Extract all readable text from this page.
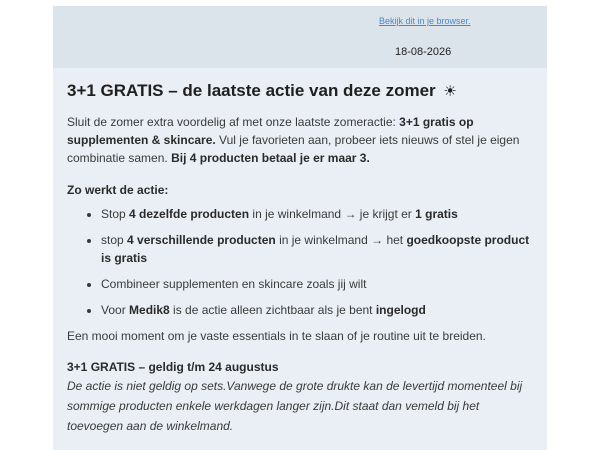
Bekijk dit in je browser.
18-08-2026
3+1 GRATIS – de laatste actie van deze zomer ☀

Sluit de zomer extra voordelig af met onze laatste zomeractie: 3+1 gratis op supplementen & skincare. Vul je favorieten aan, probeer iets nieuws of stel je eigen combinatie samen. Bij 4 producten betaal je er maar 3.

Zo werkt de actie:
• Stop 4 dezelfde producten in je winkelmand → je krijgt er 1 gratis
• stop 4 verschillende producten in je winkelmand → het goedkoopste product is gratis
• Combineer supplementen en skincare zoals jij wilt
• Voor Medik8 is de actie alleen zichtbaar als je bent ingelogd

Een mooi moment om je vaste essentials in te slaan of je routine uit te breiden.

3+1 GRATIS – geldig t/m 24 augustus

De actie is niet geldig op sets.Vanwege de grote drukte kan de levertijd momenteel bij sommige producten enkele werkdagen langer zijn.Dit staat dan vemeld bij het toevoegen aan de winkelmand.
